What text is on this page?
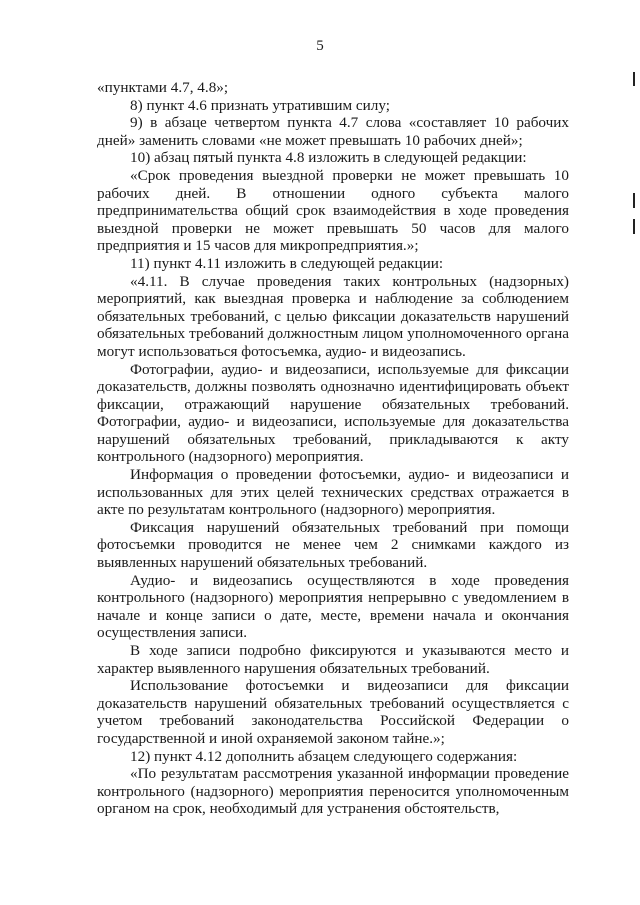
5

«пунктами 4.7, 4.8»;

8) пункт 4.6 признать утратившим силу;

9) в абзаце четвертом пункта 4.7 слова «составляет 10 рабочих дней» заменить словами «не может превышать 10 рабочих дней»;

10) абзац пятый пункта 4.8 изложить в следующей редакции:

«Срок проведения выездной проверки не может превышать 10 рабочих дней. В отношении одного субъекта малого предпринимательства общий срок взаимодействия в ходе проведения выездной проверки не может превышать 50 часов для малого предприятия и 15 часов для микропредприятия.»;

11) пункт 4.11 изложить в следующей редакции:

«4.11. В случае проведения таких контрольных (надзорных) мероприятий, как выездная проверка и наблюдение за соблюдением обязательных требований, с целью фиксации доказательств нарушений обязательных требований должностным лицом уполномоченного органа могут использоваться фотосъемка, аудио- и видеозапись.

Фотографии, аудио- и видеозаписи, используемые для фиксации доказательств, должны позволять однозначно идентифицировать объект фиксации, отражающий нарушение обязательных требований. Фотографии, аудио- и видеозаписи, используемые для доказательства нарушений обязательных требований, прикладываются к акту контрольного (надзорного) мероприятия.

Информация о проведении фотосъемки, аудио- и видеозаписи и использованных для этих целей технических средствах отражается в акте по результатам контрольного (надзорного) мероприятия.

Фиксация нарушений обязательных требований при помощи фотосъемки проводится не менее чем 2 снимками каждого из выявленных нарушений обязательных требований.

Аудио- и видеозапись осуществляются в ходе проведения контрольного (надзорного) мероприятия непрерывно с уведомлением в начале и конце записи о дате, месте, времени начала и окончания осуществления записи.

В ходе записи подробно фиксируются и указываются место и характер выявленного нарушения обязательных требований.

Использование фотосъемки и видеозаписи для фиксации доказательств нарушений обязательных требований осуществляется с учетом требований законодательства Российской Федерации о государственной и иной охраняемой законом тайне.»;

12) пункт 4.12 дополнить абзацем следующего содержания:

«По результатам рассмотрения указанной информации проведение контрольного (надзорного) мероприятия переносится уполномоченным органом на срок, необходимый для устранения обстоятельств,
